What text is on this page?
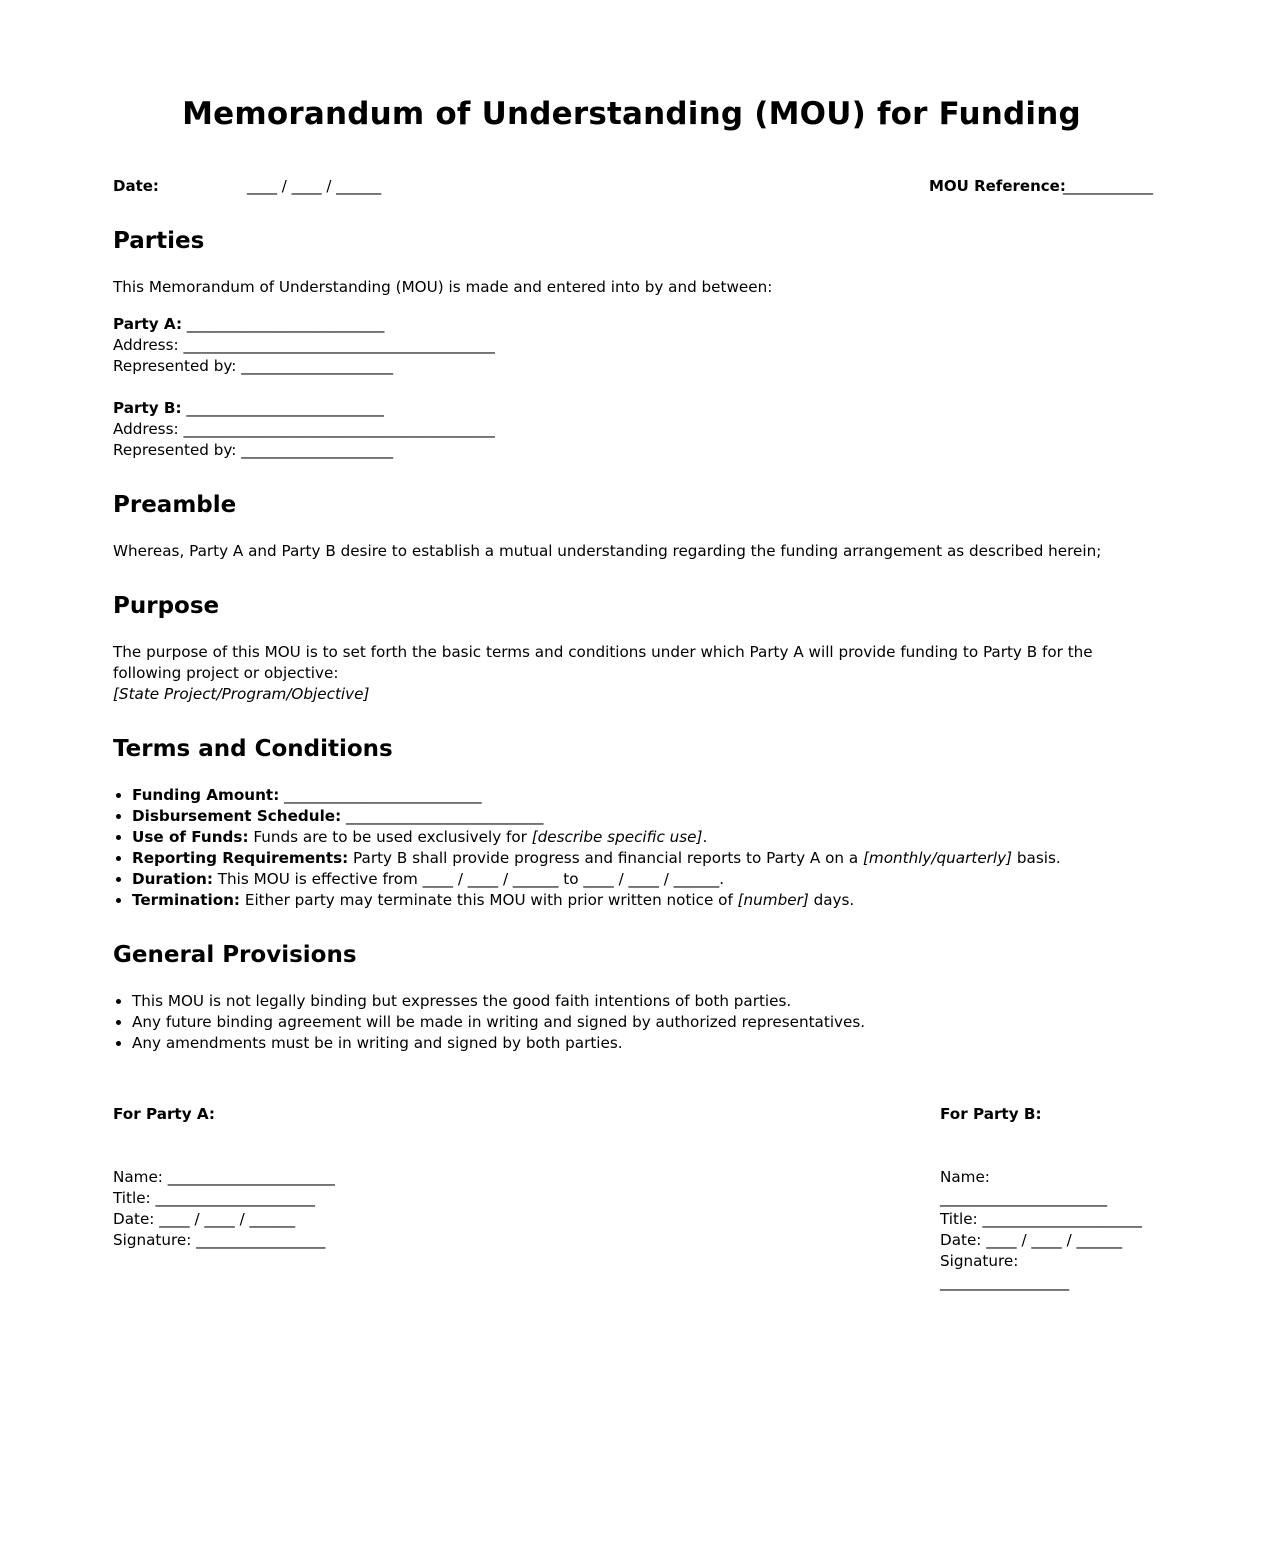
Memorandum of Understanding (MOU) for Funding
Date:	____ / ____ / ______	MOU Reference:
____________
Parties
This Memorandum of Understanding (MOU) is made and entered into by and between:
Party A: __________________________
Address: _________________________________________
Represented by: ____________________
Party B: __________________________
Address: _________________________________________
Represented by: ____________________
Preamble
Whereas, Party A and Party B desire to establish a mutual understanding regarding the funding arrangement as described herein;
Purpose
The purpose of this MOU is to set forth the basic terms and conditions under which Party A will provide funding to Party B for the following project or objective:
[State Project/Program/Objective]
Terms and Conditions
• Funding Amount: __________________________
• Disbursement Schedule: __________________________
• Use of Funds: Funds are to be used exclusively for [describe specific use].
• Reporting Requirements: Party B shall provide progress and financial reports to Party A on a [monthly/quarterly] basis.
• Duration: This MOU is effective from ____ / ____ / ______ to ____ / ____ / ______.
• Termination: Either party may terminate this MOU with prior written notice of [number] days.
General Provisions
• This MOU is not legally binding but expresses the good faith intentions of both parties.
• Any future binding agreement will be made in writing and signed by authorized representatives.
• Any amendments must be in writing and signed by both parties.
For Party A:
Name: ______________________
Title: _____________________
Date: ____ / ____ / ______
Signature: _________________
For Party B:
Name: ______________________
Title: _____________________
Date: ____ / ____ / ______
Signature: _________________
